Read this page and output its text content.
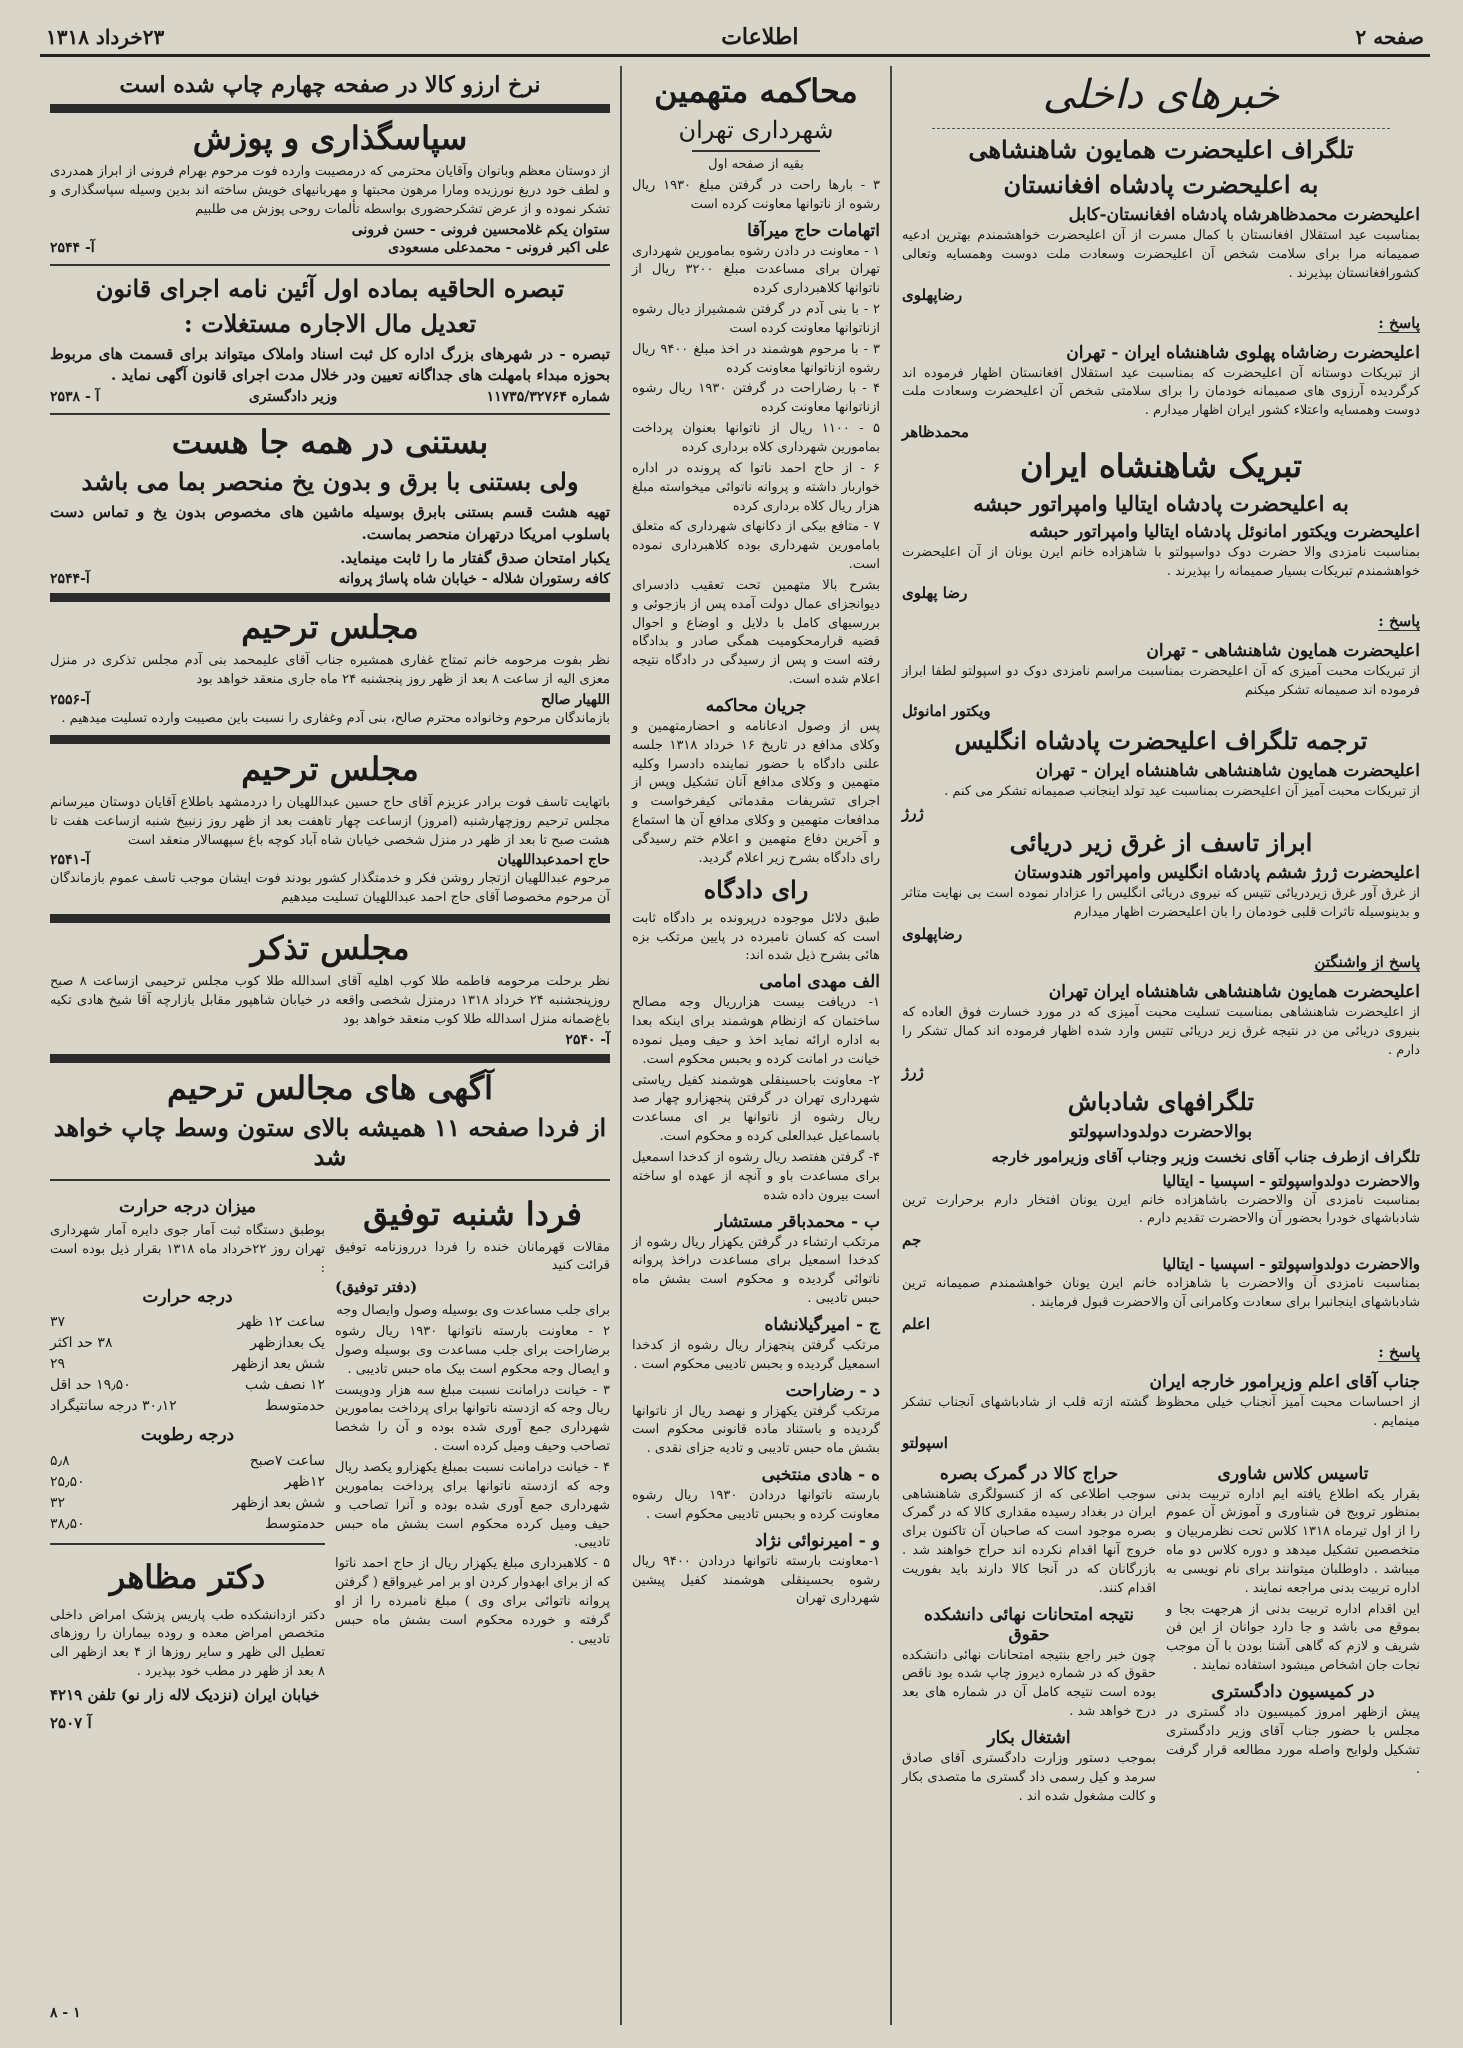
صفحه ۲
اطلاعات
۲۳خرداد ۱۳۱۸
خبرهای داخلی
تلگراف اعلیحضرت همایون شاهنشاهی
به اعلیحضرت پادشاه افغانستان
اعلیحضرت محمدظاهرشاه پادشاه افغانستان-کابل

بمناسبت عید استقلال افغانستان با کمال مسرت از آن اعلیحضرت خواهشمندم بهترین ادعیه صمیمانه مرا برای سلامت شخص آن اعلیحضرت وسعادت ملت دوست وهمسایه وتعالی کشورافغانستان بپذیرند .

رضاپهلوی
پاسخ :
اعلیحضرت رضاشاه پهلوی شاهنشاه ایران - تهران

از تبریکات دوستانه آن اعلیحضرت که بمناسبت عید استقلال افغانستان اظهار فرموده اند کرگردیده آرزوی های صمیمانه خودمان را برای سلامتی شخص آن اعلیحضرت وسعادت ملت دوست وهمسایه واعتلاء کشور ایران اظهار میدارم .

محمدظاهر
تبریک شاهنشاه ایران
به اعلیحضرت پادشاه ایتالیا وامپراتور حبشه
اعلیحضرت ویکتور امانوئل پادشاه ایتالیا وامپراتور حبشه

بمناسبت نامزدی والا حضرت دوک دواسپولتو با شاهزاده خانم ایرن یونان از آن اعلیحضرت خواهشمندم تبریکات بسیار صمیمانه را بپذیرند .

رضا پهلوی
پاسخ :
اعلیحضرت همایون شاهنشاهی - تهران

از تبریکات محبت آمیزی که آن اعلیحضرت بمناسبت مراسم نامزدی دوک دو اسپولتو لطفا ابراز فرموده اند صمیمانه تشکر میکنم

ویکتور امانوئل
ترجمه تلگراف اعلیحضرت پادشاه انگلیس
اعلیحضرت همایون شاهنشاهی شاهنشاه ایران - تهران

از تبریکات محبت آمیز آن اعلیحضرت بمناسبت عید تولد اینجانب صمیمانه تشکر می کنم .

ژرژ
ابراز تاسف از غرق زیر دریائی
اعلیحضرت ژرژ ششم پادشاه انگلیس وامپراتور هندوستان

از غرق آور غرق زیردریائی تتیس که نیروی دریائی انگلیس را عزادار نموده است بی نهایت متاثر و بدینوسیله تاثرات قلبی خودمان را بان اعلیحضرت اظهار میدارم

رضاپهلوی
پاسخ از واشنگتن
اعلیحضرت همایون شاهنشاهی شاهنشاه ایران تهران

از اعلیحضرت شاهنشاهی بمناسبت تسلیت محبت آمیزی که در مورد خسارت فوق العاده که بنیروی دریائی من در نتیجه غرق زیر دریائی تتیس وارد شده اظهار فرموده اند کمال تشکر را دارم .

ژرژ
تلگرافهای شادباش
بوالاحضرت دولدوداسپولتو
تلگراف ازطرف جناب آقای نخست وزیر وجناب آقای وزیرامور خارجه
والاحضرت دولدواسپولتو - اسپسیا - ایتالیا

بمناسبت نامزدی آن والاحضرت باشاهزاده خانم ایرن یونان افتخار دارم برحرارت ترین شادباشهای خودرا بحضور آن والاحضرت تقدیم دارم .

جم
والاحضرت دولدواسپولتو - اسپسیا - ایتالیا

بمناسبت نامزدی آن والاحضرت با شاهزاده خانم ایرن یونان خواهشمندم صمیمانه ترین شادباشهای اینجانبرا برای سعادت وکامرانی آن والاحضرت قبول فرمایند .

اعلم
پاسخ :
جناب آقای اعلم وزیرامور خارجه ایران

از احساسات محبت آمیز آنجناب خیلی محظوظ گشته ازته قلب از شادباشهای آنجناب تشکر مینمایم .

اسپولتو
تاسیس کلاس شاوری

بقرار یکه اطلاع یافته ایم اداره تربیت بدنی بمنظور ترویج فن شناوری و آموزش آن عموم را از اول تیرماه ۱۳۱۸ کلاس تحت نظرمربیان و متخصصین تشکیل میدهد و دوره کلاس دو ماه میباشد . داوطلبان میتوانند برای نام نویسی به اداره تربیت بدنی مراجعه نمایند .

این اقدام اداره تربیت بدنی از هرجهت بجا و بموقع می باشد و جا دارد جوانان از این فن شریف و لازم که گاهی آشنا بودن با آن موجب نجات جان اشخاص میشود استفاده نمایند .

در کمیسیون دادگستری

پیش ازظهر امروز کمیسیون داد گستری در مجلس با حضور جناب آقای وزیر دادگستری تشکیل ولوایح واصله مورد مطالعه قرار گرفت .

حراج کالا در گمرک بصره

سوجب اطلاعی که از کنسولگری شاهنشاهی ایران در بغداد رسیده مقداری کالا که در گمرک بصره موجود است که صاحبان آن تاکنون برای خروج آنها اقدام نکرده اند حراج خواهند شد . بازرگانان که در آنجا کالا دارند باید بفوریت اقدام کنند.

نتیجه امتحانات نهائی دانشکده حقوق

چون خبر راجع بنتیجه امتحانات نهائی دانشکده حقوق که در شماره دیروز چاپ شده بود ناقص بوده است نتیجه کامل آن در شماره های بعد درج خواهد شد .

اشتغال بکار

بموجب دستور وزارت دادگستری آقای صادق سرمد و کیل رسمی داد گستری ما متصدی بکار و کالت مشغول شده اند .

محاکمه متهمین
شهرداری تهران
بقیه از صفحه اول

۳ - بارها راحت در گرفتن مبلغ ۱۹۳۰ ریال رشوه از ناتوانها معاونت کرده است

اتهامات حاج میرآقا

۱ - معاونت در دادن رشوه بمامورین شهرداری تهران برای مساعدت مبلغ ۳۲۰۰ ریال از ناتوانها کلاهبرداری کرده

۲ - با بنی آدم در گرفتن شمشیراز دیال رشوه ازناتوانها معاونت کرده است

۳ - با مرحوم هوشمند در اخذ مبلغ ۹۴۰۰ ریال رشوه ازناتوانها معاونت کرده

۴ - با رضاراحت در گرفتن ۱۹۳۰ ریال رشوه ازناتوانها معاونت کرده

۵ - ۱۱۰۰ ریال از ناتوانها بعنوان پرداخت بمامورین شهرداری کلاه برداری کرده

۶ - از حاج احمد ناتوا که پرونده در اداره خواربار داشته و پروانه ناتوائی میخواسته مبلغ هزار ریال کلاه برداری کرده

۷ - متافع بیکی از دکانهای شهرداری که متعلق بامامورین شهرداری بوده کلاهبرداری نموده است.

بشرح بالا متهمین تحت تعقیب دادسرای دیوانجزای عمال دولت آمده پس از بازجوئی و بررسیهای کامل با دلایل و اوضاع و احوال قضیه قرارمحکومیت همگی صادر و بدادگاه رفته است و پس از رسیدگی در دادگاه نتیجه اعلام شده است.

جریان محاکمه

پس از وصول ادعانامه و احضارمتهمین و وکلای مدافع در تاریخ ۱۶ خرداد ۱۳۱۸ جلسه علنی دادگاه با حضور نماینده دادسرا وکلیه متهمین و وکلای مدافع آنان تشکیل وپس از اجرای تشریفات مقدماتی کیفرخواست و مدافعات متهمین و وکلای مدافع آن ها استماع و آخرین دفاع متهمین و اعلام ختم رسیدگی رای دادگاه بشرح زیر اعلام گردید.

رای دادگاه

طبق دلائل موجوده درپرونده بر دادگاه ثابت است که کسان نامبرده در پایین مرتکب بزه هائی بشرح ذیل شده اند:

الف مهدی امامی

۱- دریافت بیست هزارریال وجه مصالح ساختمان که ازنظام هوشمند برای اینکه بعدا به اداره ارائه نماید اخذ و حیف ومیل نموده خیانت در امانت کرده و بحبس محکوم است.

۲- معاونت باحسینقلی هوشمند کفیل ریاستی شهرداری تهران در گرفتن پنجهزارو چهار صد ریال رشوه از ناتوانها بر ای مساعدت باسماعیل عبدالعلی کرده و محکوم است.

۴- گرفتن هفتصد ریال رشوه از کدخدا اسمعیل برای مساعدت باو و آنچه از عهده او ساخته است بیرون داده شده

ب - محمدباقر مستشار

مرتکب ارتشاء در گرفتن یکهزار ریال رشوه از کدخدا اسمعیل برای مساعدت دراخذ پروانه ناتوائی گردیده و محکوم است بشش ماه حبس تادیبی .

ج - امیرگیلانشاه

مرتکب گرفتن پنجهزار ریال رشوه از کدخدا اسمعیل گردیده و بحبس تادیبی محکوم است .

د - رضاراحت

مرتکب گرفتن یکهزار و نهصد ریال از ناتوانها گردیده و باستناد ماده قانونی محکوم است بشش ماه حبس تادیبی و تادیه جزای نقدی .

ه - هادی منتخبی

بارسته ناتوانها دردادن ۱۹۳۰ ریال رشوه معاونت کرده و بحبس تادیبی محکوم است .

و - امیرنوائی نژاد

۱-معاونت بارسته ناتوانها دردادن ۹۴۰۰ ریال رشوه بحسینقلی هوشمند کفیل پیشین شهرداری تهران

نرخ ارزو کالا در صفحه چهارم چاپ شده است
سپاسگذاری و پوزش

از دوستان معظم وبانوان وآقایان محترمی که درمصیبت وارده فوت مرحوم بهرام فرونی از ابراز همدردی و لطف خود دریغ نورزیده ومارا مرهون محبتها و مهربانیهای خویش ساخته اند بدین وسیله سپاسگذاری و تشکر نموده و از عرض تشکرحضوری بواسطه تألمات روحی پوزش می طلبیم

ستوان یکم غلامحسین فرونی - حسن فرونی
علی اکبر فرونی - محمدعلی مسعودی
آ- ۲۵۴۴
تبصره الحاقیه بماده اول آئین نامه اجرای قانون
تعدیل مال الاجاره مستغلات :

تبصره - در شهرهای بزرگ اداره کل ثبت اسناد واملاک میتواند برای قسمت های مربوط بحوزه مبداء بامهلت های جداگانه تعیین ودر خلال مدت اجرای قانون آگهی نماید .

شماره ۱۱۷۳۵/۳۲۷۶۴
وزیر دادگستری
آ - ۲۵۳۸
بستنی در همه جا هست
ولی بستنی با برق و بدون یخ منحصر بما می باشد

تهیه هشت قسم بستنی بابرق بوسیله ماشین های مخصوص بدون یخ و تماس دست باسلوب امریکا درتهران منحصر بماست.

یکبار امتحان صدق گفتار ما را ثابت مینماید.

کافه رستوران شلاله - خیابان شاه پاساژ پروانه
آ-۲۵۴۴
مجلس ترحیم

نظر بفوت مرحومه خانم تمتاج غفاری همشیره جناب آقای علیمحمد بنی آدم مجلس تذکری در منزل معزی الیه از ساعت ۸ بعد از ظهر روز پنجشنبه ۲۴ ماه جاری منعقد خواهد بود

اللهیار صالح
آ-۲۵۵۶

بازماندگان مرحوم وخانواده محترم صالح، بنی آدم وغفاری را نسبت باین مصیبت وارده تسلیت میدهیم .

مجلس ترحیم

باتهایت تاسف فوت برادر عزیزم آقای حاج حسین عبداللهیان را دردمشهد باطلاع آقایان دوستان میرسانم مجلس ترحیم روزچهارشنبه (امروز) ازساعت چهار تاهفت بعد از ظهر روز زنبیخ شنبه ازساعت هفت تا هشت صبح تا بعد از ظهر در منزل شخصی خیابان شاه آباد کوچه باغ سپهسالار منعقد است

حاج احمدعبداللهیان
آ-۲۵۴۱

مرحوم عبداللهیان ازتجار روشن فکر و خدمتگذار کشور بودند فوت ایشان موجب تاسف عموم بازماندگان آن مرحوم مخصوصا آقای حاج احمد عبداللهیان تسلیت میدهیم

مجلس تذکر

نظر برحلت مرحومه فاطمه طلا کوب اهلیه آقای اسدالله طلا کوب مجلس ترحیمی ازساعت ۸ صبح روزپنجشنبه ۲۴ خرداد ۱۳۱۸ درمنزل شخصی واقعه در خیابان شاهپور مقابل بازارچه آقا شیخ هادی تکیه باغ‌ضمانه منزل اسدالله طلا کوب منعقد خواهد بود

آ- ۲۵۴۰
آگهی های مجالس ترحیم
از فردا صفحه ۱۱ همیشه بالای ستون وسط چاپ خواهد شد
فردا شنبه توفیق

مقالات قهرمانان خنده را فردا درروزنامه توفیق قرائت کنید

(دفتر توفیق)

برای جلب مساعدت وی بوسیله وصول وایصال وجه

۲ - معاونت بارسته ناتوانها ۱۹۳۰ ریال رشوه برضاراحت برای جلب مساعدت وی بوسیله وصول و ایصال وجه محکوم است بیک ماه حبس تادیبی .

۳ - خیانت درامانت نسبت مبلغ سه هزار ودویست ریال وجه که ازدسته ناتوانها برای پرداخت بمامورین شهرداری جمع آوری شده بوده و آن را شخصا تصاحب وحیف ومیل کرده است .

۴ - خیانت درامانت نسبت بمبلغ یکهزارو یکصد ریال وجه که ازدسته ناتوانها برای پرداخت بمامورین شهرداری جمع آوری شده بوده و آنرا تصاحب و حیف ومیل کرده محکوم است بشش ماه حبس تادیبی.

۵ - کلاهبرداری مبلغ یکهزار ریال از حاج احمد ناتوا که از برای ابهدوار کردن او بر امر غیرواقع ( گرفتن پروانه ناتوائی برای وی ) مبلغ نامبرده را از او گرفته و خورده محکوم است بشش ماه حبس تادیبی .

میزان درجه حرارت

بوطبق دستگاه ثبت آمار جوی دایره آمار شهرداری تهران روز ۲۲خرداد ماه ۱۳۱۸ بقرار ذیل بوده است :

درجه حرارت
ساعت ۱۲ ظهر
۳۷
یک بعدازظهر
۳۸ حد اکثر
شش بعد ازظهر
۲۹
۱۲ نصف شب
۱۹٫۵۰ حد اقل
حدمتوسط
۳۰٫۱۲ درجه سانتیگراد
درجه رطوبت
ساعت ۷صبح
۵٫۸
۱۲ظهر
۲۵٫۵۰
شش بعد ازظهر
۳۲
حدمتوسط
۳۸٫۵۰
دکتر مظاهر

دکتر ازدانشکده طب پاریس پزشک امراض داخلی متخصص امراض معده و روده بیماران را روزهای تعطیل الی ظهر و سایر روزها از ۴ بعد ازظهر الی ۸ بعد از ظهر در مطب خود بپذیرد .

خیابان ایران (نزدیک لاله زار نو) تلفن ۴۲۱۹
آ ۲۵۰۷
۱ - ۸
